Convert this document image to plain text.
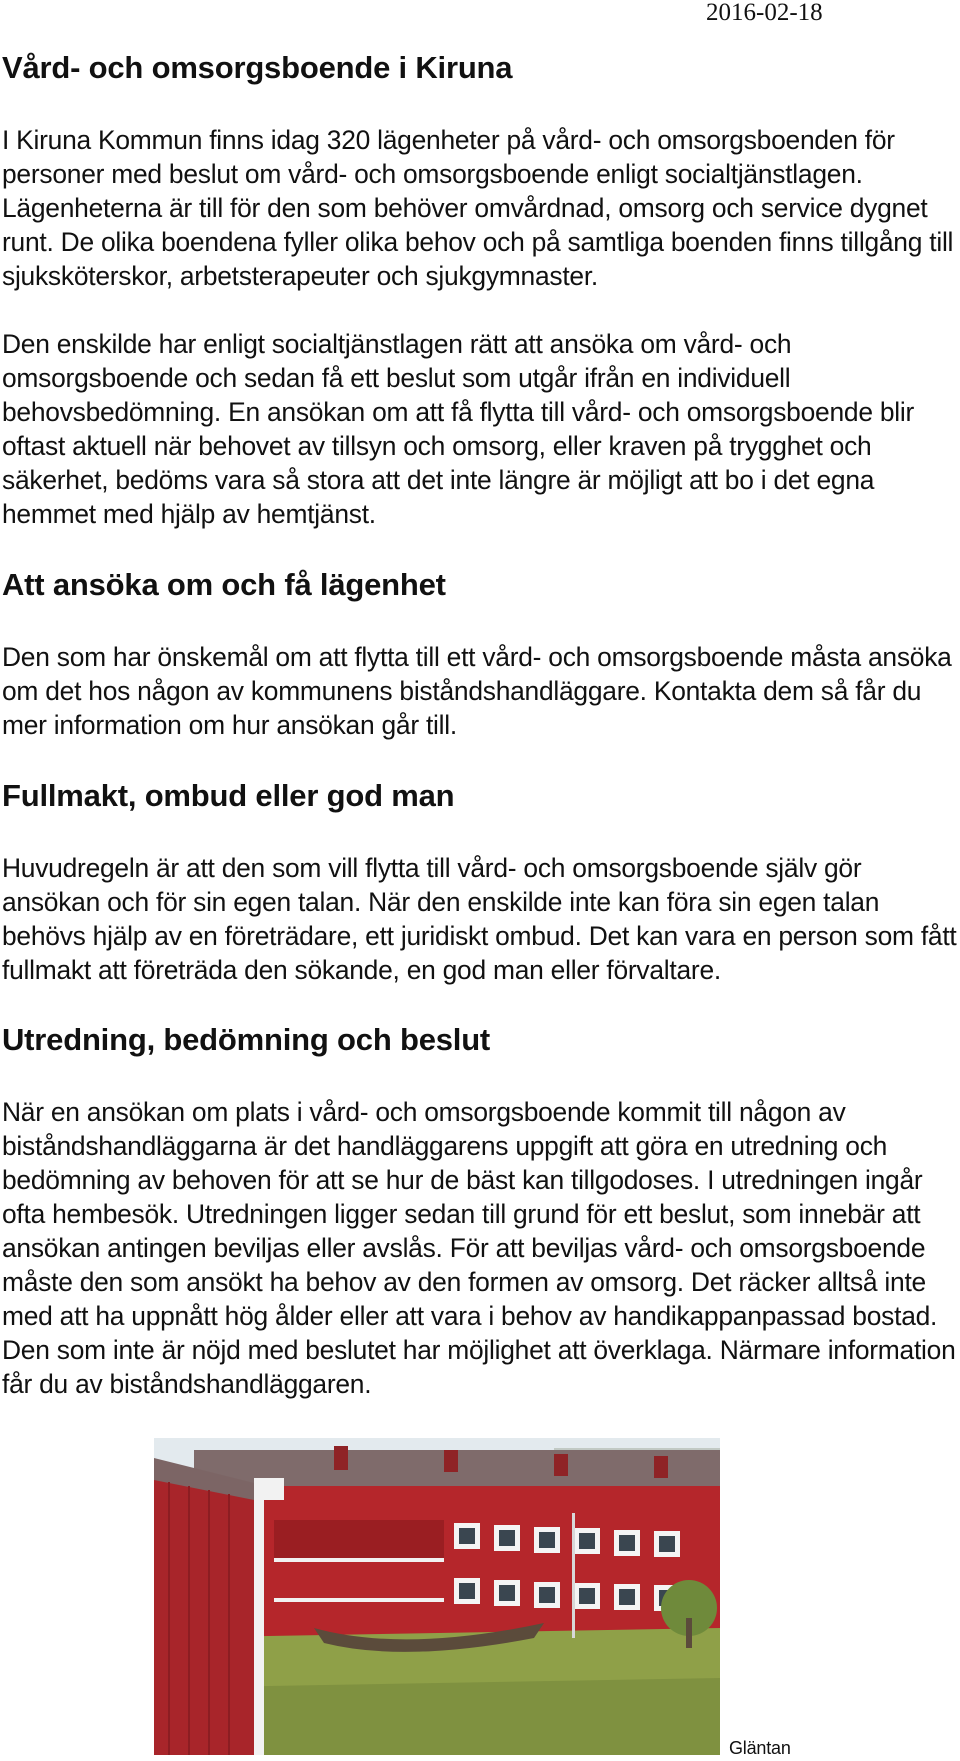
2016-02-18
Vård- och omsorgsboende i Kiruna

I Kiruna Kommun finns idag 320 lägenheter på vård- och omsorgsboenden för personer med beslut om vård- och omsorgsboende enligt socialtjänstlagen. Lägenheterna är till för den som behöver omvårdnad, omsorg och service dygnet runt. De olika boendena fyller olika behov och på samtliga boenden finns tillgång till sjuksköterskor, arbetsterapeuter och sjukgymnaster.

Den enskilde har enligt socialtjänstlagen rätt att ansöka om vård- och omsorgsboende och sedan få ett beslut som utgår ifrån en individuell behovsbedömning. En ansökan om att få flytta till vård- och omsorgsboende blir oftast aktuell när behovet av tillsyn och omsorg, eller kraven på trygghet och säkerhet, bedöms vara så stora att det inte längre är möjligt att bo i det egna hemmet med hjälp av hemtjänst.

Att ansöka om och få lägenhet

Den som har önskemål om att flytta till ett vård- och omsorgsboende måsta ansöka om det hos någon av kommunens biståndshandläggare. Kontakta dem så får du mer information om hur ansökan går till.

Fullmakt, ombud eller god man

Huvudregeln är att den som vill flytta till vård- och omsorgsboende själv gör ansökan och för sin egen talan. När den enskilde inte kan föra sin egen talan behövs hjälp av en företrädare, ett juridiskt ombud. Det kan vara en person som fått fullmakt att företräda den sökande, en god man eller förvaltare.

Utredning, bedömning och beslut

När en ansökan om plats i vård- och omsorgsboende kommit till någon av biståndshandläggarna är det handläggarens uppgift att göra en utredning och bedömning av behoven för att se hur de bäst kan tillgodoses. I utredningen ingår ofta hembesök. Utredningen ligger sedan till grund för ett beslut, som innebär att ansökan antingen beviljas eller avslås. För att beviljas vård- och omsorgsboende måste den som ansökt ha behov av den formen av omsorg. Det räcker alltså inte med att ha uppnått hög ålder eller att vara i behov av handikappanpassad bostad. Den som inte är nöjd med beslutet har möjlighet att överklaga. Närmare information får du av biståndshandläggaren.

Gläntan
